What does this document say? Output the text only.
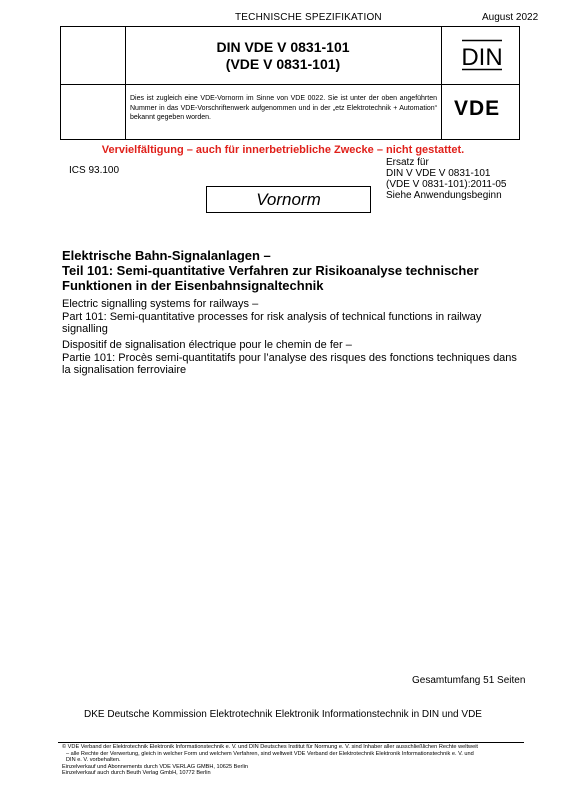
TECHNISCHE SPEZIFIKATION	August 2022
DIN VDE V 0831-101
(VDE V 0831-101)	DIN
Dies ist zugleich eine VDE-Vornorm im Sinne von VDE 0022. Sie ist unter der oben angeführten Nummer in das VDE-Vorschriftenwerk aufgenommen und in der „etz Elektrotechnik + Automation“ bekannt gegeben worden.	VDE
Vervielfältigung – auch für innerbetriebliche Zwecke – nicht gestattet.
ICS 93.100
Ersatz für
DIN V VDE V 0831-101
(VDE V 0831-101):2011-05
Siehe Anwendungsbeginn
Vornorm
Elektrische Bahn-Signalanlagen –
Teil 101: Semi-quantitative Verfahren zur Risikoanalyse technischer Funktionen in der Eisenbahnsignaltechnik
Electric signalling systems for railways –
Part 101: Semi-quantitative processes for risk analysis of technical functions in railway signalling
Dispositif de signalisation électrique pour le chemin de fer –
Partie 101: Procès semi-quantitatifs pour l’analyse des risques des fonctions techniques dans la signalisation ferroviaire
Gesamtumfang 51 Seiten
DKE Deutsche Kommission Elektrotechnik Elektronik Informationstechnik in DIN und VDE
© VDE Verband der Elektrotechnik Elektronik Informationstechnik e. V. und DIN Deutsches Institut für Normung e. V. sind Inhaber aller ausschließlichen Rechte weltweit
– alle Rechte der Verwertung, gleich in welcher Form und welchem Verfahren, sind weltweit VDE Verband der Elektrotechnik Elektronik Informationstechnik e. V. und
DIN e. V. vorbehalten.
Einzelverkauf und Abonnements durch VDE VERLAG GMBH, 10625 Berlin
Einzelverkauf auch durch Beuth Verlag GmbH, 10772 Berlin
